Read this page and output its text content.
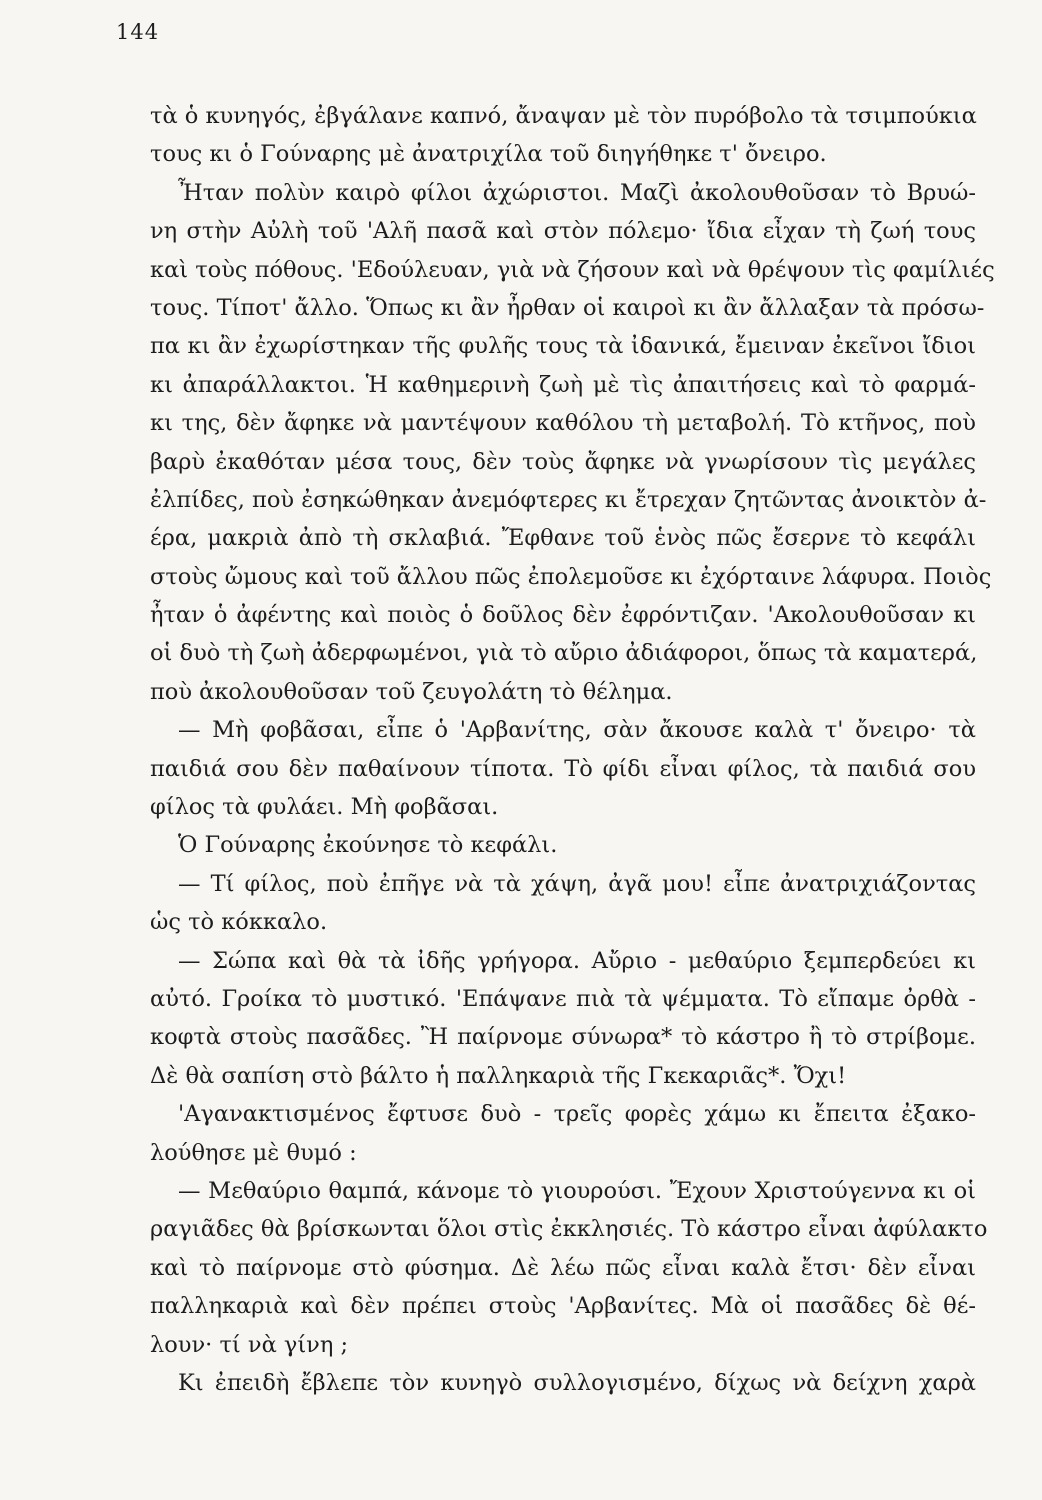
144
τὰ ὁ κυνηγός, ἐβγάλανε καπνό, ἄναψαν μὲ τὸν πυρόβολο τὰ τσιμπούκια
τους κι ὁ Γούναρης μὲ ἀνατριχίλα τοῦ διηγήθηκε τ' ὄνειρο.
Ἦταν πολὺν καιρὸ φίλοι ἀχώριστοι. Μαζὶ ἀκολουθοῦσαν τὸ Βρυώ-
νη στὴν Αὐλὴ τοῦ 'Αλῆ πασᾶ καὶ στὸν πόλεμο· ἴδια εἶχαν τὴ ζωή τους
καὶ τοὺς πόθους. 'Εδούλευαν, γιὰ νὰ ζήσουν καὶ νὰ θρέψουν τὶς φαμίλιές
τους. Τίποτ' ἄλλο. Ὅπως κι ἂν ἦρθαν οἱ καιροὶ κι ἂν ἄλλαξαν τὰ πρόσω-
πα κι ἂν ἐχωρίστηκαν τῆς φυλῆς τους τὰ ἰδανικά, ἔμειναν ἐκεῖνοι ἴδιοι
κι ἀπαράλλακτοι. Ἡ καθημερινὴ ζωὴ μὲ τὶς ἀπαιτήσεις καὶ τὸ φαρμά-
κι της, δὲν ἄφηκε νὰ μαντέψουν καθόλου τὴ μεταβολή. Τὸ κτῆνος, ποὺ
βαρὺ ἐκαθόταν μέσα τους, δὲν τοὺς ἄφηκε νὰ γνωρίσουν τὶς μεγάλες
ἐλπίδες, ποὺ ἐσηκώθηκαν ἀνεμόφτερες κι ἔτρεχαν ζητῶντας ἀνοικτὸν ἀ-
έρα, μακριὰ ἀπὸ τὴ σκλαβιά. Ἔφθανε τοῦ ἑνὸς πῶς ἔσερνε τὸ κεφάλι
στοὺς ὤμους καὶ τοῦ ἄλλου πῶς ἐπολεμοῦσε κι ἐχόρταινε λάφυρα. Ποιὸς
ἦταν ὁ ἀφέντης καὶ ποιὸς ὁ δοῦλος δὲν ἐφρόντιζαν. 'Ακολουθοῦσαν κι
οἱ δυὸ τὴ ζωὴ ἀδερφωμένοι, γιὰ τὸ αὔριο ἀδιάφοροι, ὅπως τὰ καματερά,
ποὺ ἀκολουθοῦσαν τοῦ ζευγολάτη τὸ θέλημα.
— Μὴ φοβᾶσαι, εἶπε ὁ 'Αρβανίτης, σὰν ἄκουσε καλὰ τ' ὄνειρο· τὰ
παιδιά σου δὲν παθαίνουν τίποτα. Τὸ φίδι εἶναι φίλος, τὰ παιδιά σου
φίλος τὰ φυλάει. Μὴ φοβᾶσαι.
Ὁ Γούναρης ἐκούνησε τὸ κεφάλι.
— Τί φίλος, ποὺ ἐπῆγε νὰ τὰ χάψη, ἀγᾶ μου! εἶπε ἀνατριχιάζοντας
ὡς τὸ κόκκαλο.
— Σώπα καὶ θὰ τὰ ἰδῆς γρήγορα. Αὔριο - μεθαύριο ξεμπερδεύει κι
αὐτό. Γροίκα τὸ μυστικό. 'Επάψανε πιὰ τὰ ψέμματα. Τὸ εἴπαμε ὀρθὰ -
κοφτὰ στοὺς πασᾶδες. Ἢ παίρνομε σύνωρα* τὸ κάστρο ἢ τὸ στρίβομε.
Δὲ θὰ σαπίση στὸ βάλτο ἡ παλληκαριὰ τῆς Γκεκαριᾶς*. Ὄχι!
'Αγανακτισμένος ἔφτυσε δυὸ - τρεῖς φορὲς χάμω κι ἔπειτα ἐξακο-
λούθησε μὲ θυμό :
— Μεθαύριο θαμπά, κάνομε τὸ γιουρούσι. Ἔχουν Χριστούγεννα κι οἱ
ραγιᾶδες θὰ βρίσκωνται ὅλοι στὶς ἐκκλησιές. Τὸ κάστρο εἶναι ἀφύλακτο
καὶ τὸ παίρνομε στὸ φύσημα. Δὲ λέω πῶς εἶναι καλὰ ἔτσι· δὲν εἶναι
παλληκαριὰ καὶ δὲν πρέπει στοὺς 'Αρβανίτες. Μὰ οἱ πασᾶδες δὲ θέ-
λουν· τί νὰ γίνη ;
Κι ἐπειδὴ ἔβλεπε τὸν κυνηγὸ συλλογισμένο, δίχως νὰ δείχνη χαρὰ
